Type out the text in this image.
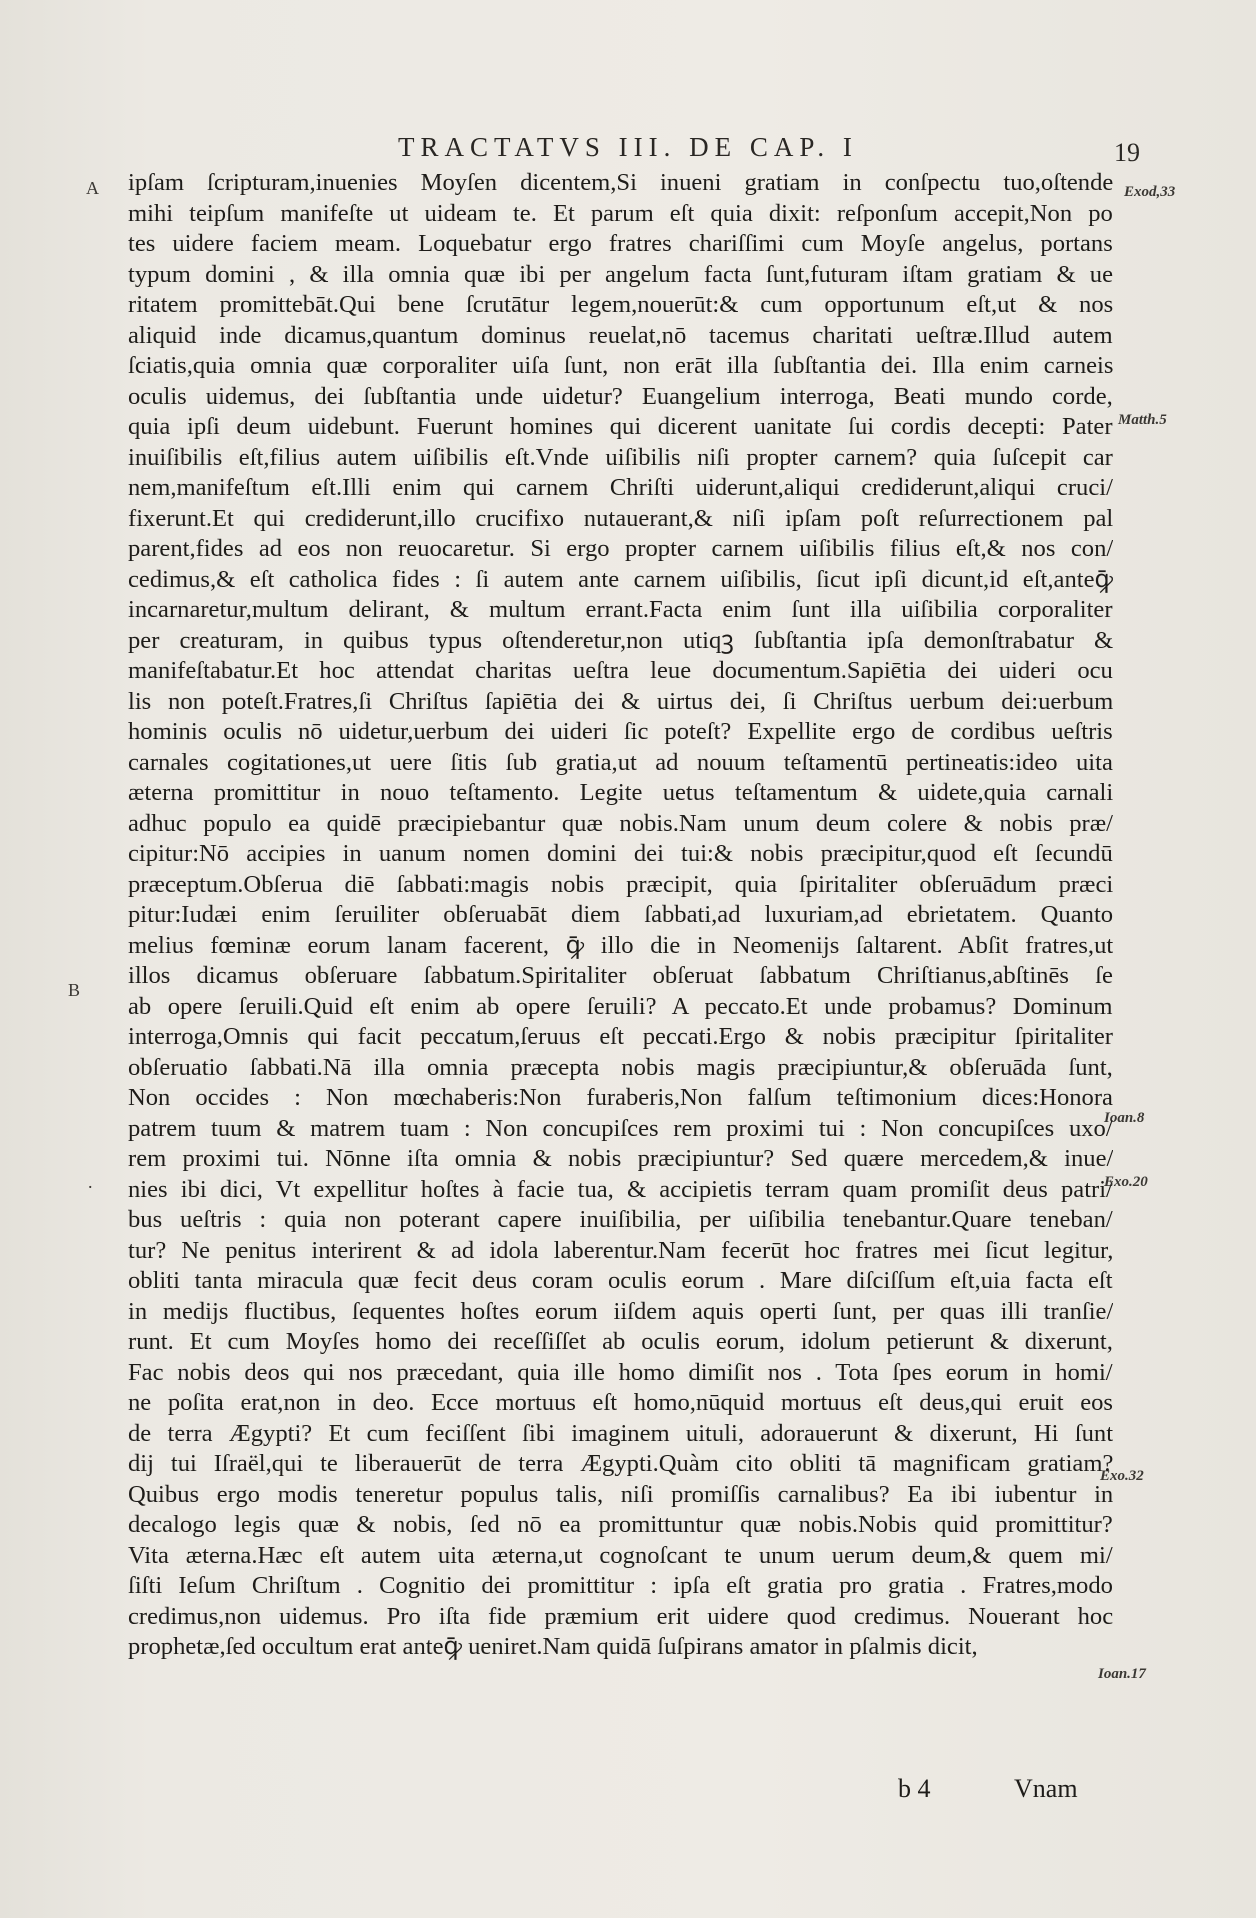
TRACTATVS III. DE CAP. I	19
A
B
.
Exod,33
Matth.5
Ioan.8
Exo.20
Exo.32
Ioan.17
ipſam ſcripturam,inuenies Moyſen dicentem,Si inueni gratiam in conſpectu tuo,oſtende
mihi teipſum manifeſte ut uideam te. Et parum eſt quia dixit: reſponſum accepit,Non po
tes uidere faciem meam. Loquebatur ergo fratres chariſſimi cum Moyſe angelus, portans
typum domini , & illa omnia quæ ibi per angelum facta ſunt,futuram iſtam gratiam & ue
ritatem promittebāt.Qui bene ſcrutātur legem,nouerūt:& cum opportunum eſt,ut & nos
aliquid inde dicamus,quantum dominus reuelat,nō tacemus charitati ueſtræ.Illud autem
ſciatis,quia omnia quæ corporaliter uiſa ſunt, non erāt illa ſubſtantia dei. Illa enim carneis
oculis uidemus, dei ſubſtantia unde uidetur? Euangelium interroga, Beati mundo corde,
quia ipſi deum uidebunt. Fuerunt homines qui dicerent uanitate ſui cordis decepti: Pater
inuiſibilis eſt,filius autem uiſibilis eſt.Vnde uiſibilis niſi propter carnem? quia ſuſcepit car
nem,manifeſtum eſt.Illi enim qui carnem Chriſti uiderunt,aliqui crediderunt,aliqui cruci/
fixerunt.Et qui crediderunt,illo crucifixo nutauerant,& niſi ipſam poſt reſurrectionem pal
parent,fides ad eos non reuocaretur. Si ergo propter carnem uiſibilis filius eſt,& nos con/
cedimus,& eſt catholica fides : ſi autem ante carnem uiſibilis, ſicut ipſi dicunt,id eſt,anteꝙ̄
incarnaretur,multum delirant, & multum errant.Facta enim ſunt illa uiſibilia corporaliter
per creaturam, in quibus typus oſtenderetur,non utiqꝫ ſubſtantia ipſa demonſtrabatur &
manifeſtabatur.Et hoc attendat charitas ueſtra leue documentum.Sapiētia dei uideri ocu
lis non poteſt.Fratres,ſi Chriſtus ſapiētia dei & uirtus dei, ſi Chriſtus uerbum dei:uerbum
hominis oculis nō uidetur,uerbum dei uideri ſic poteſt? Expellite ergo de cordibus ueſtris
carnales cogitationes,ut uere ſitis ſub gratia,ut ad nouum teſtamentū pertineatis:ideo uita
æterna promittitur in nouo teſtamento. Legite uetus teſtamentum & uidete,quia carnali
adhuc populo ea quidē præcipiebantur quæ nobis.Nam unum deum colere & nobis præ/
cipitur:Nō accipies in uanum nomen domini dei tui:& nobis præcipitur,quod eſt ſecundū
præceptum.Obſerua diē ſabbati:magis nobis præcipit, quia ſpiritaliter obſeruādum præci
pitur:Iudæi enim ſeruiliter obſeruabāt diem ſabbati,ad luxuriam,ad ebrietatem. Quanto
melius fœminæ eorum lanam facerent, ꝙ̄ illo die in Neomenijs ſaltarent. Abſit fratres,ut
illos dicamus obſeruare ſabbatum.Spiritaliter obſeruat ſabbatum Chriſtianus,abſtinēs ſe
ab opere ſeruili.Quid eſt enim ab opere ſeruili? A peccato.Et unde probamus? Dominum
interroga,Omnis qui facit peccatum,ſeruus eſt peccati.Ergo & nobis præcipitur ſpiritaliter
obſeruatio ſabbati.Nā illa omnia præcepta nobis magis præcipiuntur,& obſeruāda ſunt,
Non occides : Non mœchaberis:Non furaberis,Non falſum teſtimonium dices:Honora
patrem tuum & matrem tuam : Non concupiſces rem proximi tui : Non concupiſces uxo/
rem proximi tui. Nōnne iſta omnia & nobis præcipiuntur? Sed quære mercedem,& inue/
nies ibi dici, Vt expellitur hoſtes à facie tua, & accipietis terram quam promiſit deus patri/
bus ueſtris : quia non poterant capere inuiſibilia, per uiſibilia tenebantur.Quare teneban/
tur? Ne penitus interirent & ad idola laberentur.Nam fecerūt hoc fratres mei ſicut legitur,
obliti tanta miracula quæ fecit deus coram oculis eorum . Mare diſciſſum eſt,uia facta eſt
in medijs fluctibus, ſequentes hoſtes eorum iiſdem aquis operti ſunt, per quas illi tranſie/
runt. Et cum Moyſes homo dei receſſiſſet ab oculis eorum, idolum petierunt & dixerunt,
Fac nobis deos qui nos præcedant, quia ille homo dimiſit nos . Tota ſpes eorum in homi/
ne poſita erat,non in deo. Ecce mortuus eſt homo,nūquid mortuus eſt deus,qui eruit eos
de terra Ægypti? Et cum feciſſent ſibi imaginem uituli, adorauerunt & dixerunt, Hi ſunt
dij tui Iſraël,qui te liberauerūt de terra Ægypti.Quàm cito obliti tā magnificam gratiam?
Quibus ergo modis teneretur populus talis, niſi promiſſis carnalibus? Ea ibi iubentur in
decalogo legis quæ & nobis, ſed nō ea promittuntur quæ nobis.Nobis quid promittitur?
Vita æterna.Hæc eſt autem uita æterna,ut cognoſcant te unum uerum deum,& quem mi/
ſiſti Ieſum Chriſtum . Cognitio dei promittitur : ipſa eſt gratia pro gratia . Fratres,modo
credimus,non uidemus. Pro iſta fide præmium erit uidere quod credimus. Nouerant hoc
prophetæ,ſed occultum erat anteꝙ̄ ueniret.Nam quidā ſuſpirans amator in pſalmis dicit,
b 4	Vnam
